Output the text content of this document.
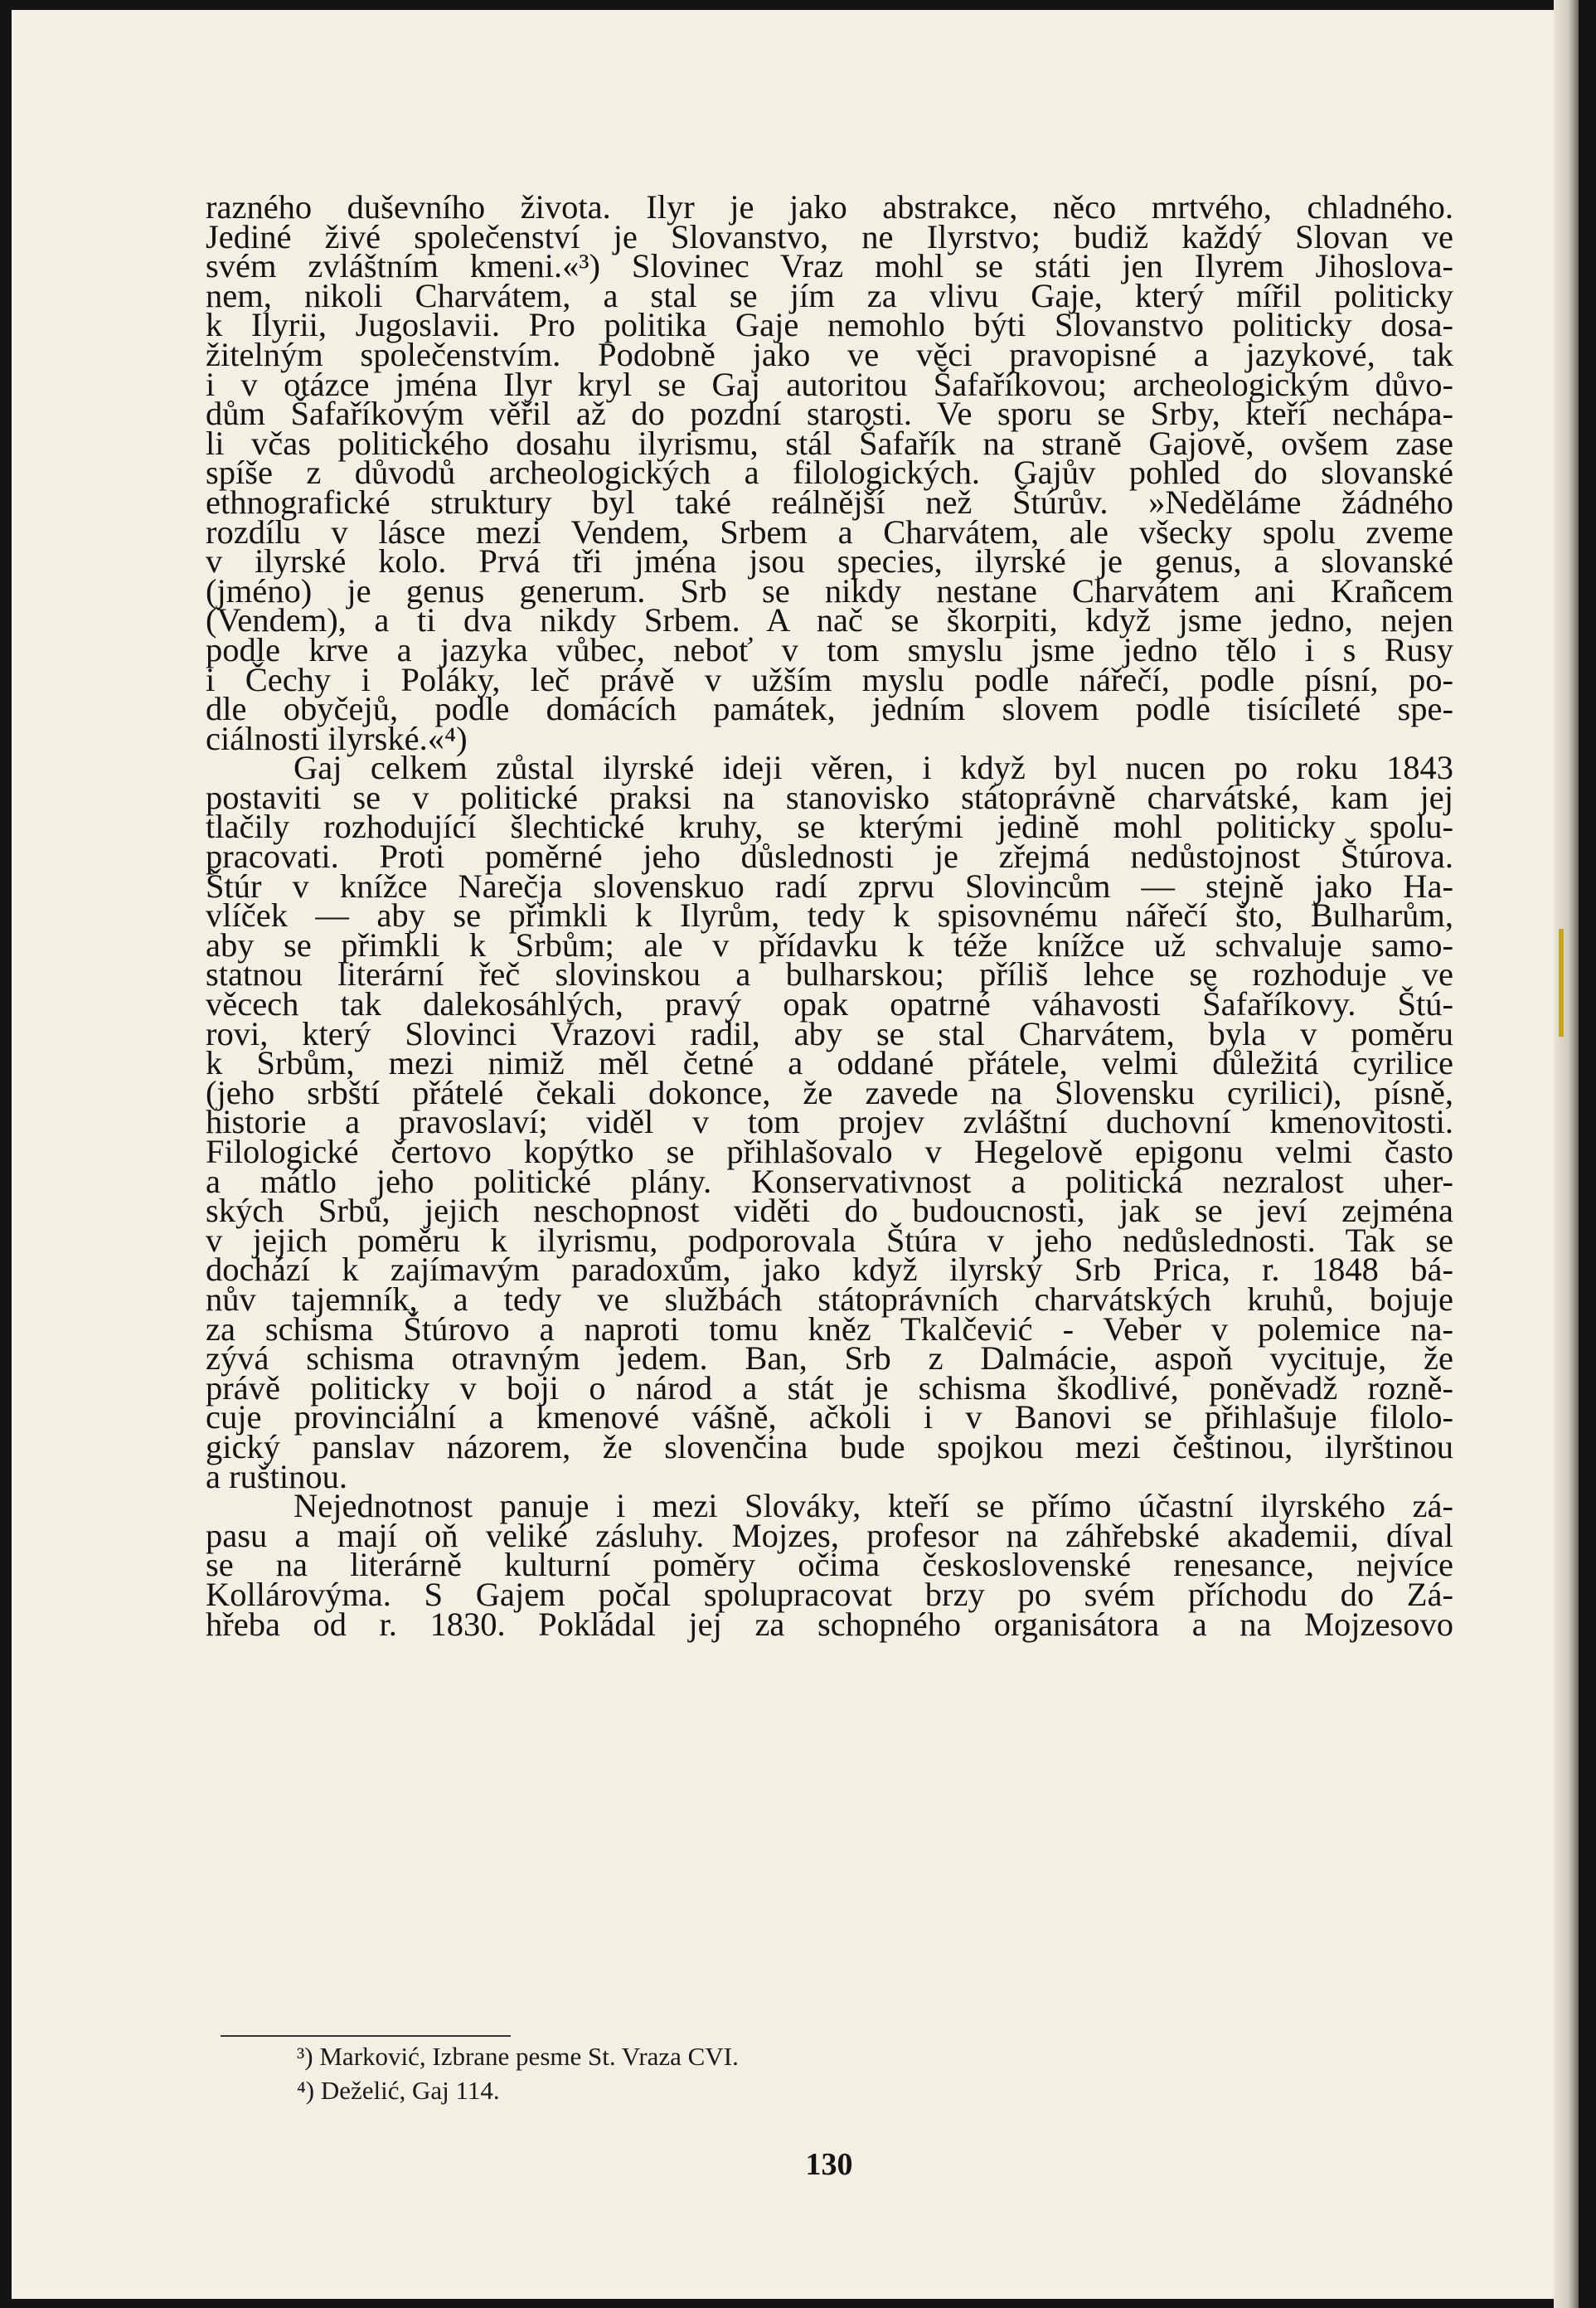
razného duševního života. Ilyr je jako abstrakce, něco mrtvého, chladného.
Jediné živé společenství je Slovanstvo, ne Ilyrstvo; budiž každý Slovan ve
svém zvláštním kmeni.«³) Slovinec Vraz mohl se státi jen Ilyrem Jihoslova-
nem, nikoli Charvátem, a stal se jím za vlivu Gaje, který mířil politicky
k Ilyrii, Jugoslavii. Pro politika Gaje nemohlo býti Slovanstvo politicky dosa-
žitelným společenstvím. Podobně jako ve věci pravopisné a jazykové, tak
i v otázce jména Ilyr kryl se Gaj autoritou Šafaříkovou; archeologickým důvo-
dům Šafaříkovým věřil až do pozdní starosti. Ve sporu se Srby, kteří nechápa-
li včas politického dosahu ilyrismu, stál Šafařík na straně Gajově, ovšem zase
spíše z důvodů archeologických a filologických. Gajův pohled do slovanské
ethnografické struktury byl také reálnější než Štúrův. »Neděláme žádného
rozdílu v lásce mezi Vendem, Srbem a Charvátem, ale všecky spolu zveme
v ilyrské kolo. Prvá tři jména jsou species, ilyrské je genus, a slovanské
(jméno) je genus generum. Srb se nikdy nestane Charvátem ani Krañcem
(Vendem), a ti dva nikdy Srbem. A nač se škorpiti, když jsme jedno, nejen
podle krve a jazyka vůbec, neboť v tom smyslu jsme jedno tělo i s Rusy
i Čechy i Poláky, leč právě v užším myslu podle nářečí, podle písní, po-
dle obyčejů, podle domácích památek, jedním slovem podle tisícileté spe-
ciálnosti ilyrské.«⁴)
Gaj celkem zůstal ilyrské ideji věren, i když byl nucen po roku 1843
postaviti se v politické praksi na stanovisko státoprávně charvátské, kam jej
tlačily rozhodující šlechtické kruhy, se kterými jedině mohl politicky spolu-
pracovati. Proti poměrné jeho důslednosti je zřejmá nedůstojnost Štúrova.
Štúr v knížce Narečja slovenskuo radí zprvu Slovincům — stejně jako Ha-
vlíček — aby se přimkli k Ilyrům, tedy k spisovnému nářečí što, Bulharům,
aby se přimkli k Srbům; ale v přídavku k téže knížce už schvaluje samo-
statnou literární řeč slovinskou a bulharskou; příliš lehce se rozhoduje ve
věcech tak dalekosáhlých, pravý opak opatrné váhavosti Šafaříkovy. Štú-
rovi, který Slovinci Vrazovi radil, aby se stal Charvátem, byla v poměru
k Srbům, mezi nimiž měl četné a oddané přátele, velmi důležitá cyrilice
(jeho srbští přátelé čekali dokonce, že zavede na Slovensku cyrilici), písně,
historie a pravoslaví; viděl v tom projev zvláštní duchovní kmenovitosti.
Filologické čertovo kopýtko se přihlašovalo v Hegelově epigonu velmi často
a mátlo jeho politické plány. Konservativnost a politická nezralost uher-
ských Srbů, jejich neschopnost viděti do budoucnosti, jak se jeví zejména
v jejich poměru k ilyrismu, podporovala Štúra v jeho nedůslednosti. Tak se
dochází k zajímavým paradoxům, jako když ilyrský Srb Prica, r. 1848 bá-
nův tajemník, a tedy ve službách státoprávních charvátských kruhů, bojuje
za schisma Štúrovo a naproti tomu kněz Tkalčević - Veber v polemice na-
zývá schisma otravným jedem. Ban, Srb z Dalmácie, aspoň vycituje, že
právě politicky v boji o národ a stát je schisma škodlivé, poněvadž rozně-
cuje provinciální a kmenové vášně, ačkoli i v Banovi se přihlašuje filolo-
gický panslav názorem, že slovenčina bude spojkou mezi češtinou, ilyrštinou
a ruštinou.
Nejednotnost panuje i mezi Slováky, kteří se přímo účastní ilyrského zá-
pasu a mají oň veliké zásluhy. Mojzes, profesor na záhřebské akademii, díval
se na literárně kulturní poměry očima československé renesance, nejvíce
Kollárovýma. S Gajem počal spolupracovat brzy po svém příchodu do Zá-
hřeba od r. 1830. Pokládal jej za schopného organisátora a na Mojzesovo
³) Marković, Izbrane pesme St. Vraza CVI.
⁴) Deželić, Gaj 114.
130
